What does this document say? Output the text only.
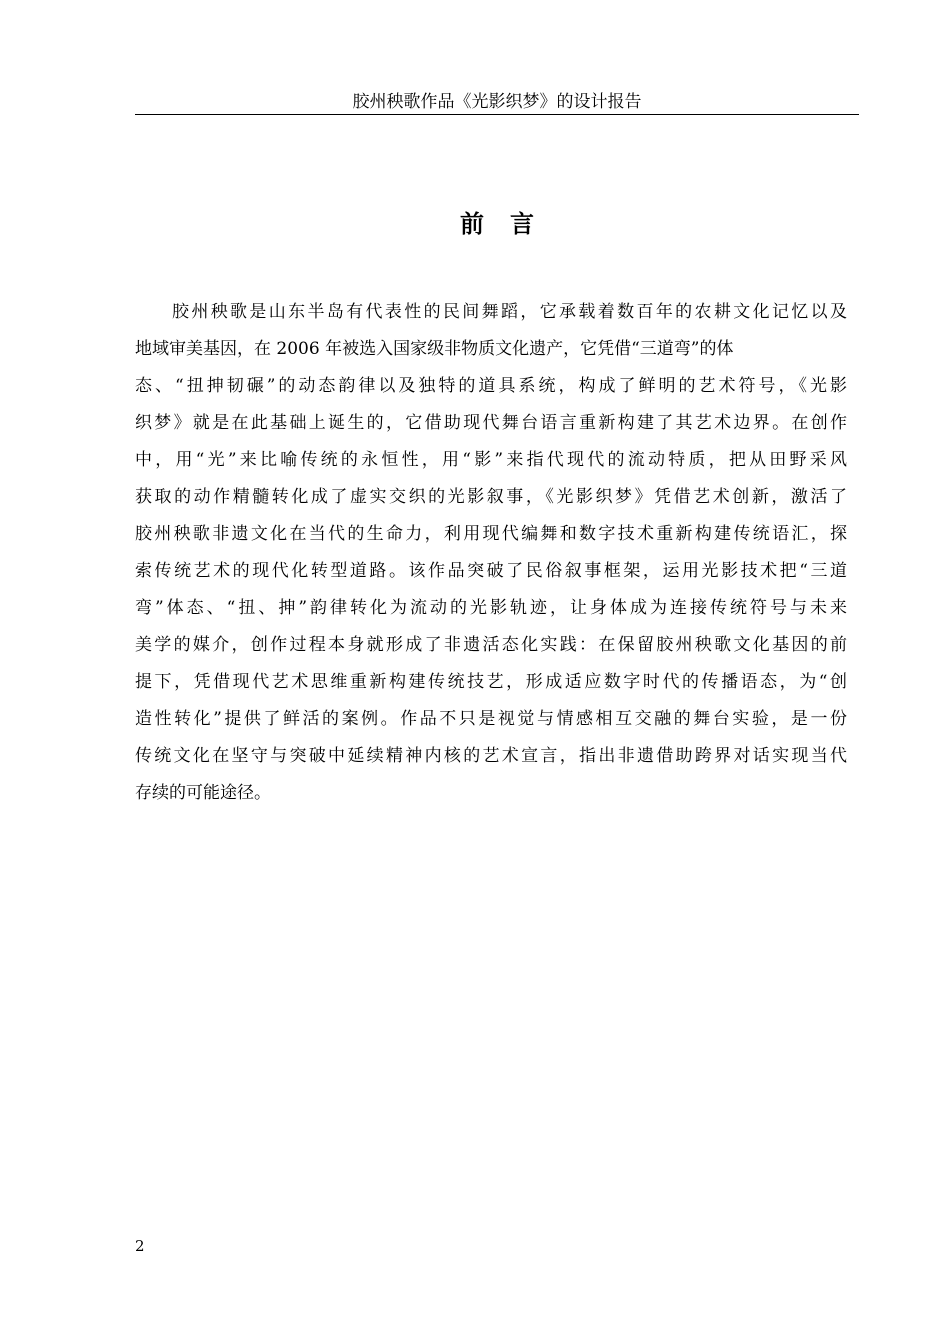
胶州秧歌作品《光影织梦》的设计报告
前言
胶州秧歌是山东半岛有代表性的民间舞蹈，它承载着数百年的农耕文化记忆以及
地域审美基因，在 2006 年被选入国家级非物质文化遗产，它凭借“三道弯”的体
态、“扭抻韧碾”的动态韵律以及独特的道具系统，构成了鲜明的艺术符号，《光影
织梦》就是在此基础上诞生的，它借助现代舞台语言重新构建了其艺术边界。在创作
中，用“光”来比喻传统的永恒性，用“影”来指代现代的流动特质，把从田野采风
获取的动作精髓转化成了虚实交织的光影叙事，《光影织梦》凭借艺术创新，激活了
胶州秧歌非遗文化在当代的生命力，利用现代编舞和数字技术重新构建传统语汇，探
索传统艺术的现代化转型道路。该作品突破了民俗叙事框架，运用光影技术把“三道
弯”体态、“扭、抻”韵律转化为流动的光影轨迹，让身体成为连接传统符号与未来
美学的媒介，创作过程本身就形成了非遗活态化实践：在保留胶州秧歌文化基因的前
提下，凭借现代艺术思维重新构建传统技艺，形成适应数字时代的传播语态，为“创
造性转化”提供了鲜活的案例。作品不只是视觉与情感相互交融的舞台实验，是一份
传统文化在坚守与突破中延续精神内核的艺术宣言，指出非遗借助跨界对话实现当代
存续的可能途径。
2
